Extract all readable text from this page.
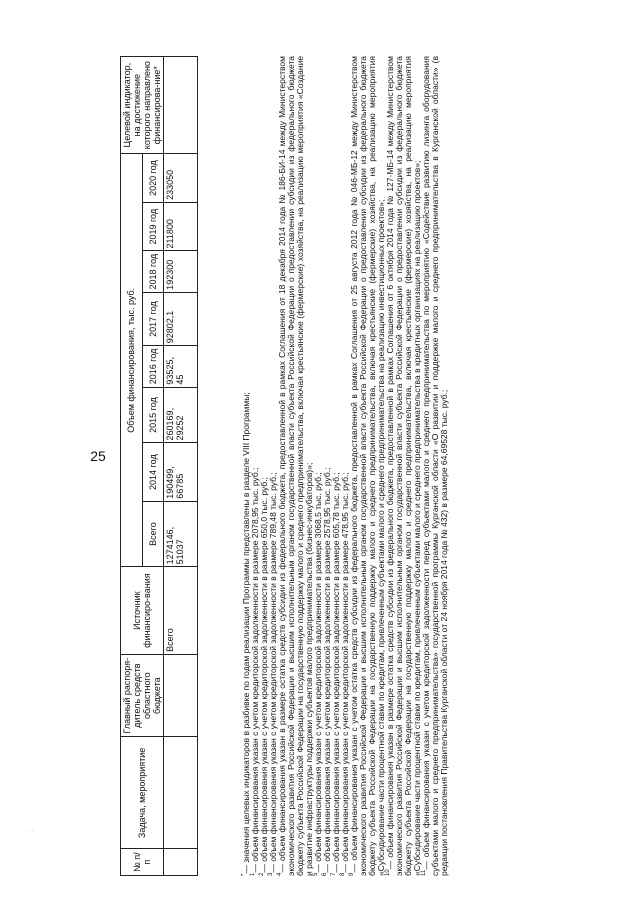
25
. .
№ п/п	Задача, мероприятие	Главный распоря-дитель средств областного бюджета	Источник финансиро-вания	Объем финансирования, тыс. руб.								Целевой индикатор, на достижение которого направлено финансирова-ние*
				Всего	2014 год	2015 год	2016 год	2017 год	2018 год	2019 год	2020 год	
			Всего	1274146, 51037	190499, 66785	260169, 29252	93525, 45	92802,1	192300	211800	233050	

*— значения целевых индикаторов в разбивке по годам реализации Программы представлены в разделе VIII Программы;

$^1$— объем финансирования указан с учетом кредиторской задолженности в размере 2078,95 тыс. руб.;

$^2$— объем финансирования указан с учетом кредиторской задолженности в размере 650,0 тыс. руб.;

$^3$— объем финансирования указан с учетом кредиторской задолженности в размере 789,48 тыс. руб.;

$^4$— объем финансирования указан в размере остатка средств субсидии из федерального бюджета, предоставленной в рамках Соглашения от 18 декабря 2014 года № 186-БИ-14 между Министерством экономического развития Российской Федерации и высшим исполнительным органом государственной власти субъекта Российской Федерации о предоставлении субсидии из федерального бюджета бюджету субъекта Российской Федерации на государственную поддержку малого и среднего предпринимательства, включая крестьянские (фермерские) хозяйства, на реализацию мероприятия «Создание и развитие инфраструктуры поддержки субъектов малого предпринимательства (бизнес-инкубаторов)»; $^5$— объем финансирования указан с учетом кредиторской задолженности в размере 3068,5 тыс. руб.;

$^6$— объем финансирования указан с учетом кредиторской задолженности в размере 2578,95 тыс. руб.;

$^7$— объем финансирования указан с учетом кредиторской задолженности в размере 605,78 тыс. руб.;

$^8$— объем финансирования указан с учетом кредиторской задолженности в размере 478,95 тыс. руб.;

$^9$— объем финансирования указан с учетом остатка средств субсидии из федерального бюджета, предоставленной в рамках Соглашения от 25 августа 2012 года № 046-МБ-12 между Министерством экономического развития Российской Федерации и высшим исполнительным органом государственной власти субъекта Российской Федерации о предоставлении субсидии из федерального бюджета бюджету субъекта Российской Федерации на государственную поддержку малого и среднего предпринимательства, включая крестьянские (фермерские) хозяйства, на реализацию мероприятия «Субсидирование части процентной ставки по кредитам, привлеченным субъектами малого и среднего предпринимательства на реализацию инвестиционных проектов»; $^{10}$— объем финансирования указан в размере остатка средств субсидии из федерального бюджета, предоставленной в рамках Соглашения от 6 октября 2014 года № 127-МБ-14 между Министерством экономического развития Российской Федерации и высшим исполнительным органом государственной власти субъекта Российской Федерации о предоставлении субсидии из федерального бюджета бюджету субъекта Российской Федерации на государственную поддержку малого и среднего предпринимательства, включая крестьянские (фермерские) хозяйства, на реализацию мероприятия «Субсидирование части процентной ставки по кредитам, привлеченным субъектами малого и среднего предпринимательства в кредитных организациях на реализацию проектов»; $^{11}$— объем финансирования указан с учетом кредиторской задолженности перед субъектами малого и среднего предпринимательства по мероприятию «Содействие развитию лизинга оборудования субъектами малого и среднего предпринимательства» государственной программы Курганской области «О развитии и поддержке малого и среднего предпринимательства в Курганской области» (в редакции постановления Правительства Курганской области от 24 ноября 2014 года № 432) в размере 64,69528 тыс. руб.;
